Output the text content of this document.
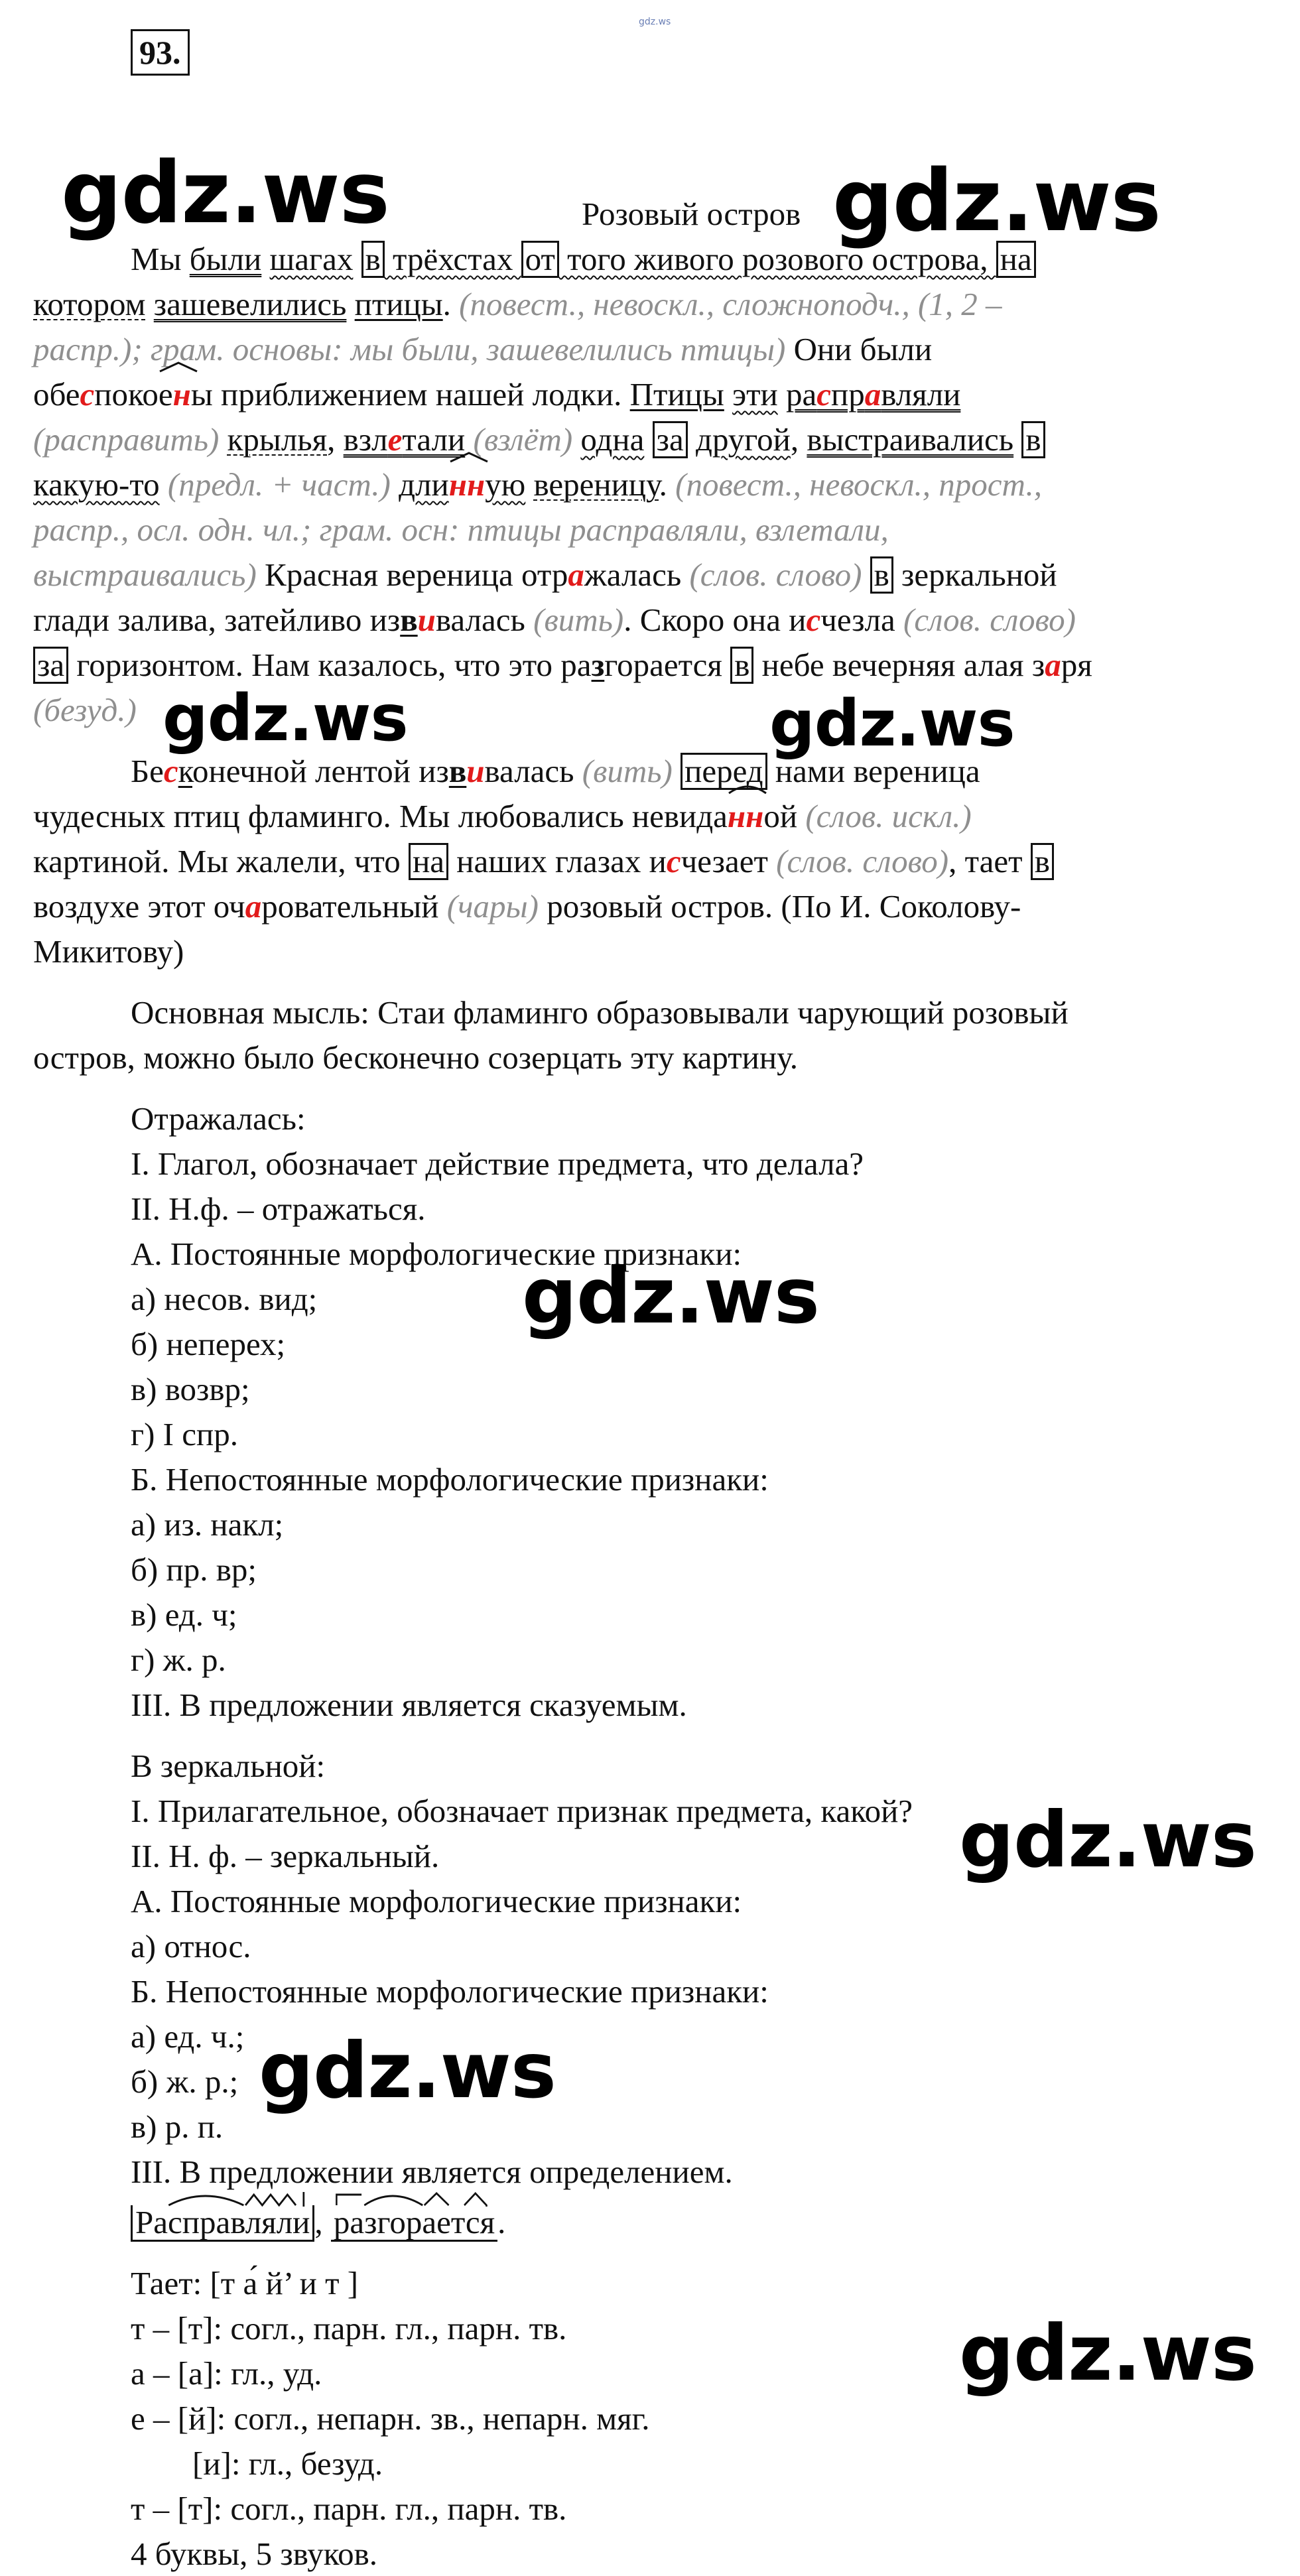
gdz.ws
93.
Розовый остров
Мы были шагах в трёхстах от того живого розового острова, на
котором зашевелились птицы. (повест., невоскл., сложноподч., (1, 2 –
распр.); грам. основы: мы были, зашевелились птицы) Они были
обеспоко
ены приближением нашей лодки. Птицы эти расправляли
(расправить) крылья, взлетали (взлёт) одна за другой, выстраивались в
какую-то (предл. + част.) дли
нную вереницу. (повест., невоскл., прост.,
распр., осл. одн. чл.; грам. осн: птицы расправляли, взлетали,
выстраивались) Красная вереница отражалась (слов. слово) в зеркальной
глади залива, затейливо извивалась (вить). Скоро она исчезла (слов. слово)
за горизонтом. Нам казалось, что это разгорается в небе вечерняя алая заря
(безуд.)
Бесконечной лентой извивалась (вить) перед нами вереница
чудесных птиц фламинго. Мы любовались невида
нной (слов. искл.)
картиной. Мы жалели, что на наших глазах исчезает (слов. слово), тает в
воздухе этот очаровательный (чары) розовый остров. (По И. Соколову-
Микитову)
Основная мысль: Стаи фламинго образовывали чарующий розовый
остров, можно было бесконечно созерцать эту картину.
Отражалась:
I. Глагол, обозначает действие предмета, что делала?
II. Н.ф. – отражаться.
А. Постоянные морфологические признаки:
а) несов. вид;
б) неперех;
в) возвр;
г) I спр.
Б. Непостоянные морфологические признаки:
а) из. накл;
б) пр. вр;
в) ед. ч;
г) ж. р.
III. В предложении является сказуемым.
В зеркальной:
I. Прилагательное, обозначает признак предмета, какой?
II. Н. ф. – зеркальный.
А. Постоянные морфологические признаки:
а) относ.
Б. Непостоянные морфологические признаки:
а) ед. ч.;
б) ж. р.;
в) р. п.
III. В предложении является определением.
Расправляли ,
разгорается.
Тает: [т а́ й’ и т ]
т – [т]: согл., парн. гл., парн. тв.
а – [а]: гл., уд.
е – [й]: согл., непарн. зв., непарн. мяг.
[и]: гл., безуд.
т – [т]: согл., парн. гл., парн. тв.
4 буквы, 5 звуков.
gdz.ws	gdz.ws
gdz.ws	gdz.ws
gdz.ws
gdz.ws
gdz.ws
gdz.ws
